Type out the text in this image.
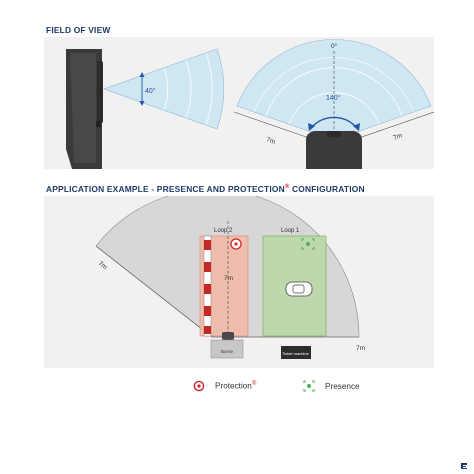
FIELD OF VIEW
40°
0°
140°
7m	7m
APPLICATION EXAMPLE - PRESENCE AND PROTECTION® CONFIGURATION
Borne	Ticket machine
Loop 2	Loop 1
7m
7m
7m
Protection®	Presence
